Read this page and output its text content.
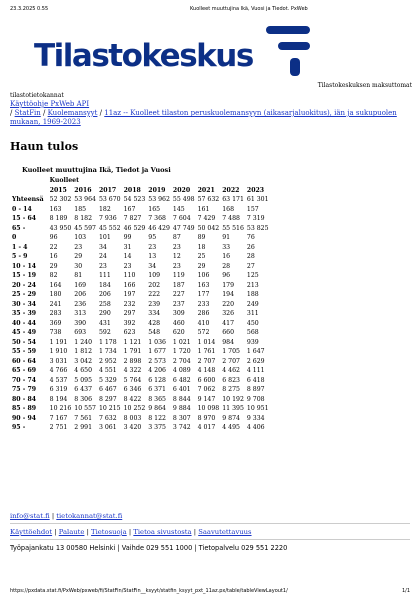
23.3.2025 0.55	Kuolleet muuttujina Ikä, Vuosi ja Tiedot. PxWeb
Tilastokeskus
Tilastokeskuksen maksuttomat
tilastotietokannat
Käyttöohje PxWeb API
/ StatFin / Kuolemansyyt / 11az -- Kuolleet tilaston peruskuolemansyyn (aikasarjaluokitus), iän ja sukupuolen mukaan, 1969-2023
Haun tulos
Kuolleet muuttujina Ikä, Tiedot ja Vuosi
	Kuolleet								
	2015	2016	2017	2018	2019	2020	2021	2022	2023
Yhteensä	52 302	53 964	53 670	54 523	53 962	55 498	57 632	63 171	61 301
0 - 14	163	185	182	167	165	145	161	168	157
15 - 64	8 189	8 182	7 936	7 827	7 368	7 604	7 429	7 488	7 319
65 -	43 950	45 597	45 552	46 529	46 429	47 749	50 042	55 516	53 825
0	96	103	101	99	95	87	89	91	76
1 - 4	22	23	34	31	23	23	18	33	26
5 - 9	16	29	24	14	13	12	25	16	28
10 - 14	29	30	23	23	34	23	29	28	27
15 - 19	82	81	111	110	109	119	106	96	125
20 - 24	164	169	184	166	202	187	163	179	213
25 - 29	180	206	206	197	222	227	177	194	188
30 - 34	241	236	258	232	239	237	233	220	249
35 - 39	283	313	290	297	334	309	286	326	311
40 - 44	369	390	431	392	428	460	410	417	450
45 - 49	738	693	592	623	548	620	572	660	568
50 - 54	1 191	1 240	1 178	1 121	1 036	1 021	1 014	984	939
55 - 59	1 910	1 812	1 734	1 791	1 677	1 720	1 761	1 705	1 647
60 - 64	3 031	3 042	2 952	2 898	2 573	2 704	2 707	2 707	2 629
65 - 69	4 766	4 650	4 551	4 322	4 206	4 089	4 148	4 462	4 111
70 - 74	4 537	5 095	5 329	5 764	6 128	6 482	6 600	6 823	6 418
75 - 79	6 319	6 437	6 467	6 346	6 371	6 401	7 062	8 275	8 897
80 - 84	8 194	8 306	8 297	8 422	8 365	8 844	9 147	10 192	9 708
85 - 89	10 216	10 557	10 215	10 252	9 864	9 884	10 098	11 395	10 951
90 - 94	7 167	7 561	7 632	8 003	8 122	8 307	8 970	9 874	9 334
95 -	2 751	2 991	3 061	3 420	3 375	3 742	4 017	4 495	4 406
info@stat.fi | tietokannat@stat.fi
Käyttöehdot | Palaute | Tietosuoja | Tietoa sivustosta | Saavutettavuus
Työpajankatu 13 00580 Helsinki | Vaihde 029 551 1000 | Tietopalvelu 029 551 2220
https://pxdata.stat.fi/PxWeb/pxweb/fi/StatFin/StatFin__ksyyt/statfin_ksyyt_pxt_11az.px/table/tableViewLayout1/	1/1
